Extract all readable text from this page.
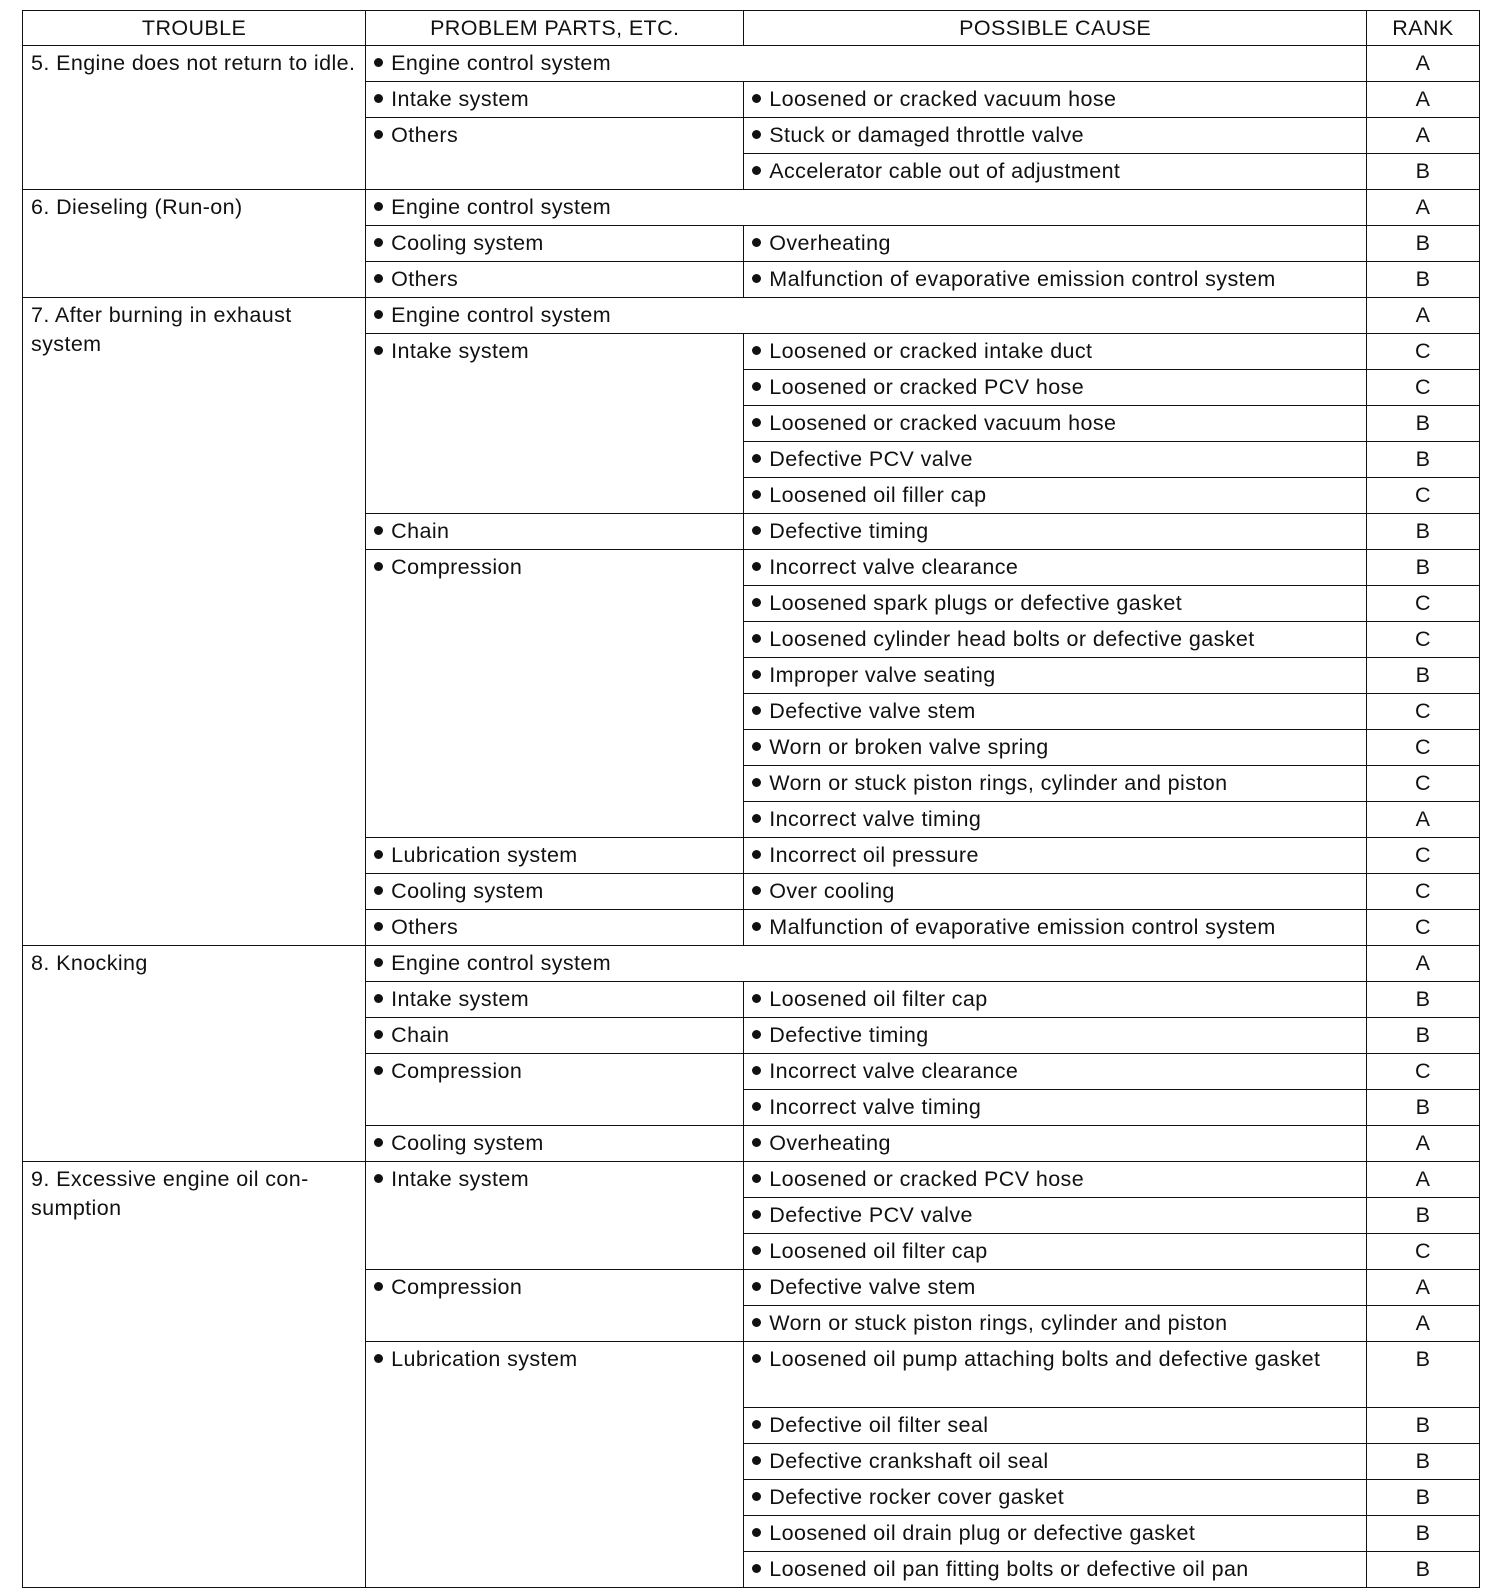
TROUBLE	PROBLEM PARTS, ETC.	POSSIBLE CAUSE	RANK
5. Engine does not return to idle.	Engine control system		A
	Intake system	Loosened or cracked vacuum hose	A
	Others	Stuck or damaged throttle valve	A
		Accelerator cable out of adjustment	B
6. Dieseling (Run-on)	Engine control system		A
	Cooling system	Overheating	B
	Others	Malfunction of evaporative emission control system	B
7. After burning in exhaust system	Engine control system		A
	Intake system	Loosened or cracked intake duct	C
		Loosened or cracked PCV hose	C
		Loosened or cracked vacuum hose	B
		Defective PCV valve	B
		Loosened oil filler cap	C
	Chain	Defective timing	B
	Compression	Incorrect valve clearance	B
		Loosened spark plugs or defective gasket	C
		Loosened cylinder head bolts or defective gasket	C
		Improper valve seating	B
		Defective valve stem	C
		Worn or broken valve spring	C
		Worn or stuck piston rings, cylinder and piston	C
		Incorrect valve timing	A
	Lubrication system	Incorrect oil pressure	C
	Cooling system	Over cooling	C
	Others	Malfunction of evaporative emission control system	C
8. Knocking	Engine control system		A
	Intake system	Loosened oil filter cap	B
	Chain	Defective timing	B
	Compression	Incorrect valve clearance	C
		Incorrect valve timing	B
	Cooling system	Overheating	A
9. Excessive engine oil con-sumption	Intake system	Loosened or cracked PCV hose	A
		Defective PCV valve	B
		Loosened oil filter cap	C
	Compression	Defective valve stem	A
		Worn or stuck piston rings, cylinder and piston	A
	Lubrication system	Loosened oil pump attaching bolts and defective gasket	B
		Defective oil filter seal	B
		Defective crankshaft oil seal	B
		Defective rocker cover gasket	B
		Loosened oil drain plug or defective gasket	B
		Loosened oil pan fitting bolts or defective oil pan	B
